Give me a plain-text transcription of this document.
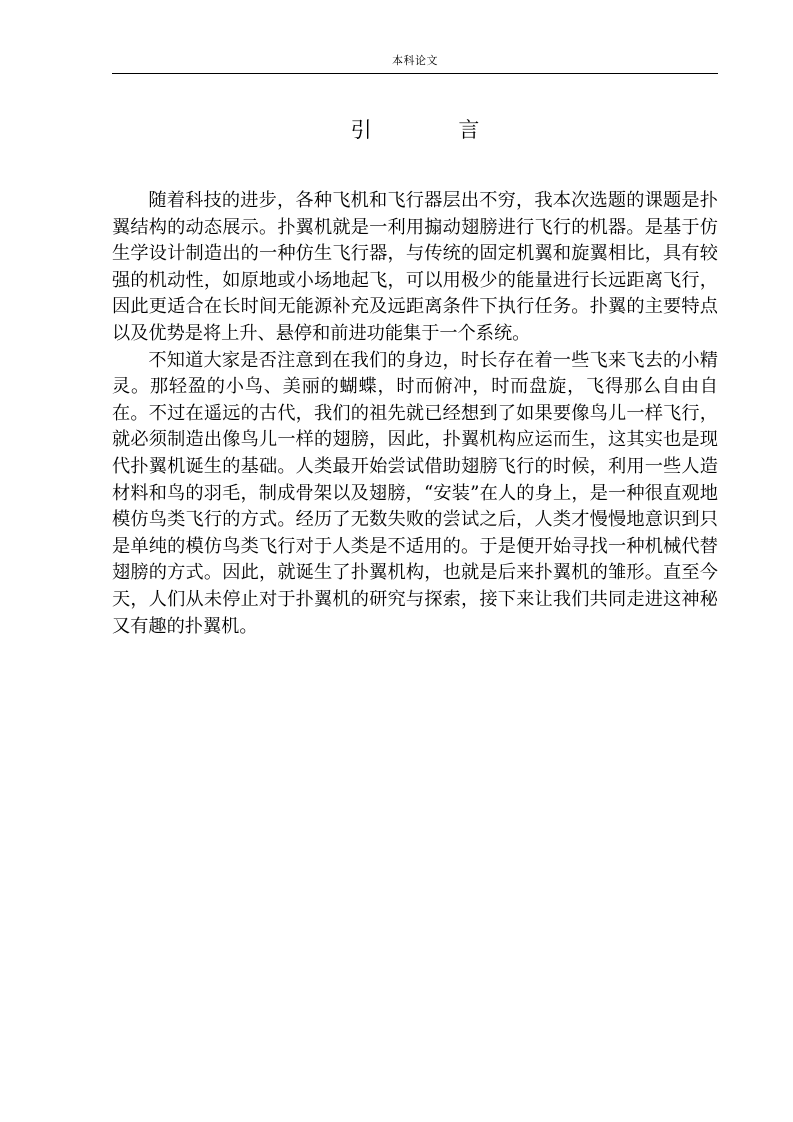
本科论文
引 言

随着科技的进步，各种飞机和飞行器层出不穷，我本次选题的课题是扑翼结构的动态展示。扑翼机就是一利用搧动翅膀进行飞行的机器。是基于仿生学设计制造出的一种仿生飞行器，与传统的固定机翼和旋翼相比，具有较强的机动性，如原地或小场地起飞，可以用极少的能量进行长远距离飞行，因此更适合在长时间无能源补充及远距离条件下执行任务。扑翼的主要特点以及优势是将上升、悬停和前进功能集于一个系统。

不知道大家是否注意到在我们的身边，时长存在着一些飞来飞去的小精灵。那轻盈的小鸟、美丽的蝴蝶，时而俯冲，时而盘旋，飞得那么自由自在。不过在遥远的古代，我们的祖先就已经想到了如果要像鸟儿一样飞行，就必须制造出像鸟儿一样的翅膀，因此，扑翼机构应运而生，这其实也是现代扑翼机诞生的基础。人类最开始尝试借助翅膀飞行的时候，利用一些人造材料和鸟的羽毛，制成骨架以及翅膀，“安装”在人的身上，是一种很直观地模仿鸟类飞行的方式。经历了无数失败的尝试之后，人类才慢慢地意识到只是单纯的模仿鸟类飞行对于人类是不适用的。于是便开始寻找一种机械代替翅膀的方式。因此，就诞生了扑翼机构，也就是后来扑翼机的雏形。直至今天，人们从未停止对于扑翼机的研究与探索，接下来让我们共同走进这神秘又有趣的扑翼机。
